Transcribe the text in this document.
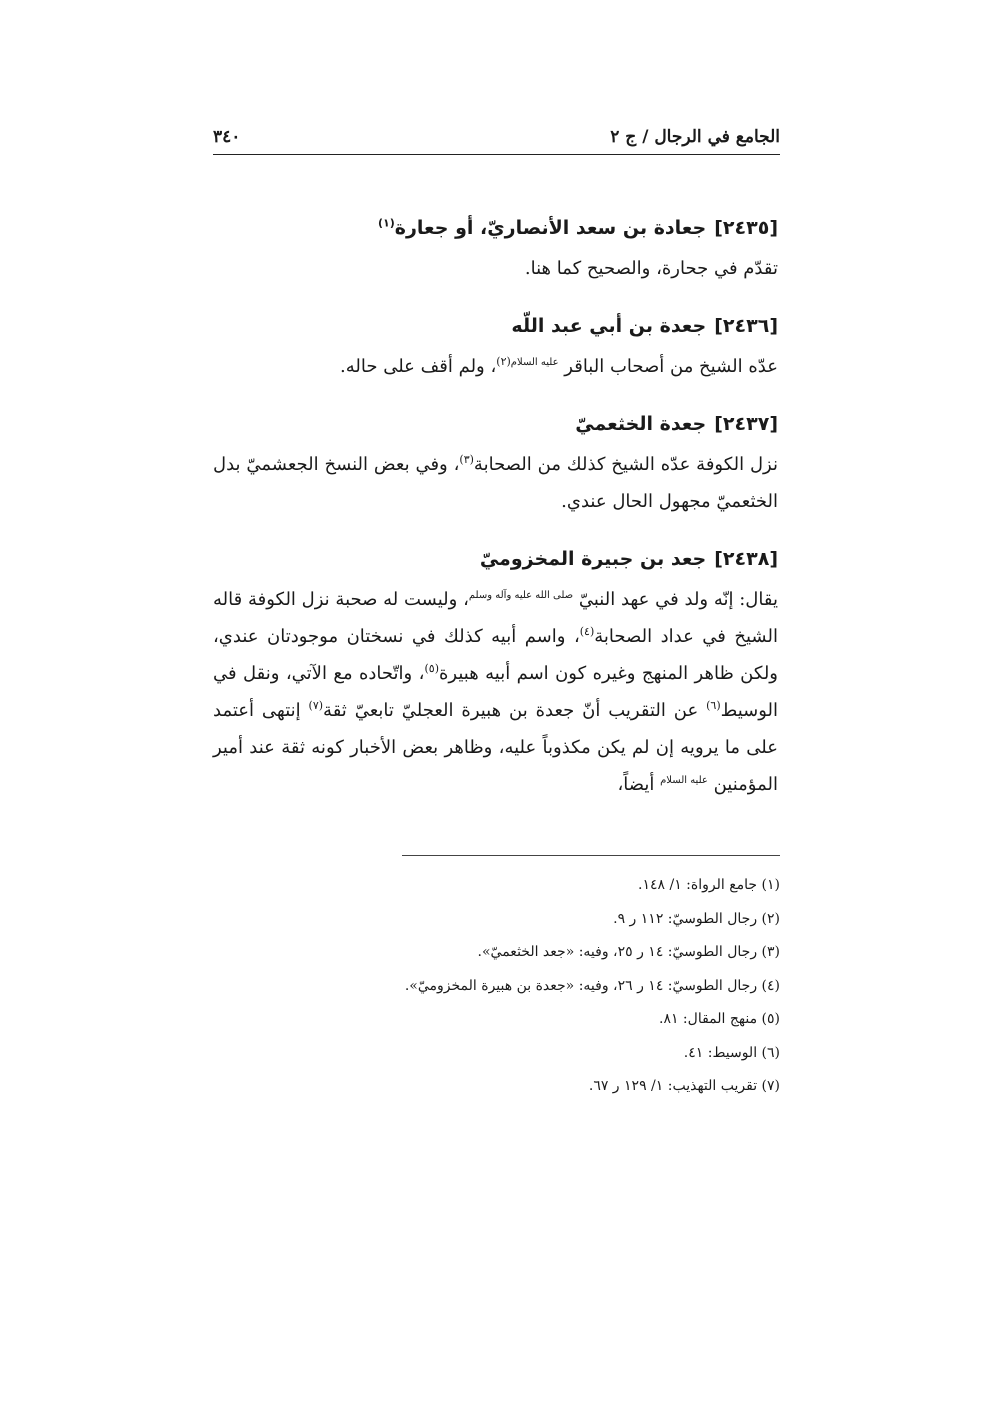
الجامع في الرجال / ج ٢
٣٤٠
[٢٤٣٥]جعادة بن سعد الأنصاريّ، أو جعارة$^{(١)}$

تقدّم في جحارة، والصحيح كما هنا.

[٢٤٣٦]جعدة بن أبي عبد اللّه

عدّه الشيخ من أصحاب الباقر $^{عليه السلام(٢)}$، ولم أقف على حاله.

[٢٤٣٧]جعدة الخثعميّ

نزل الكوفة عدّه الشيخ كذلك من الصحابة$^{(٣)}$، وفي بعض النسخ الجعشميّ بدل الخثعميّ مجهول الحال عندي.

[٢٤٣٨]جعد بن جبيرة المخزوميّ

يقال: إنّه ولد في عهد النبيّ $^{صلى الله عليه وآله وسلم}$، وليست له صحبة نزل الكوفة قاله الشيخ في عداد الصحابة$^{(٤)}$، واسم أبيه كذلك في نسختان موجودتان عندي، ولكن ظاهر المنهج وغيره كون اسم أبيه هبيرة$^{(٥)}$، واتّحاده مع الآتي، ونقل في الوسيط$^{(٦)}$ عن التقريب أنّ جعدة بن هبيرة العجليّ تابعيّ ثقة$^{(٧)}$ إنتهى أعتمد على ما يرويه إن لم يكن مكذوباً عليه، وظاهر بعض الأخبار كونه ثقة عند أمير المؤمنين $^{عليه السلام}$ أيضاً،

(١) جامع الرواة: ١/ ١٤٨.
(٢) رجال الطوسيّ: ١١٢ ر ٩.
(٣) رجال الطوسيّ: ١٤ ر ٢٥، وفيه: «جعد الخثعميّ».
(٤) رجال الطوسيّ: ١٤ ر ٢٦، وفيه: «جعدة بن هبيرة المخزوميّ».
(٥) منهج المقال: ٨١.
(٦) الوسيط: ٤١.
(٧) تقريب التهذيب: ١/ ١٢٩ ر ٦٧.
